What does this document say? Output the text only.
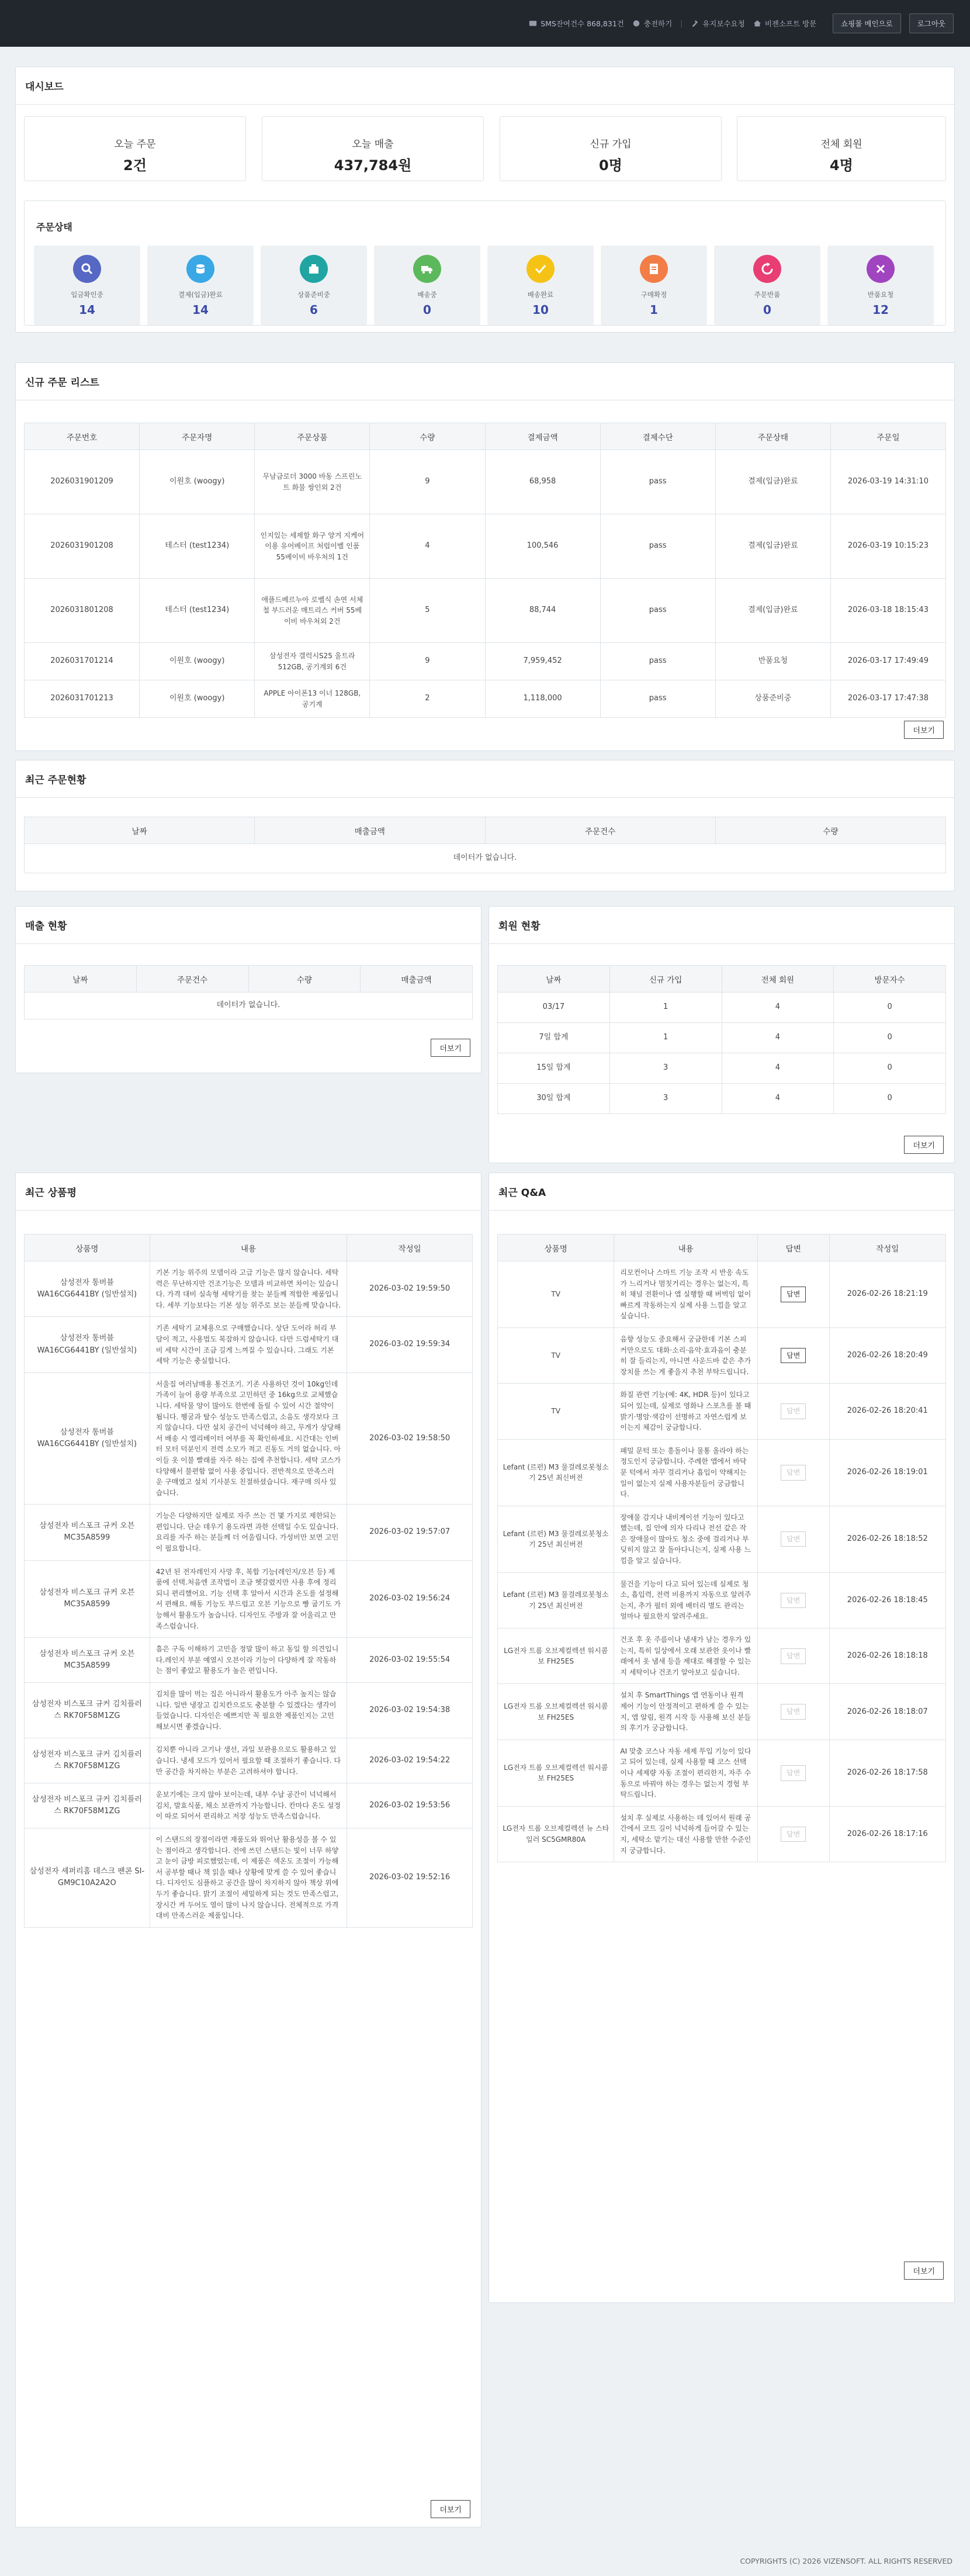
SMS잔여건수 868,831건	충전하기 |	유지보수요청	비젠소프트 방문	쇼핑몰 메인으로	로그아웃
대시보드
오늘 주문
2건
오늘 매출
437,784원
신규 가입
0명
전체 회원
4명
주문상태
입금확인중
14
결제(입금)완료
14
상품준비중
6
배송중
0
배송완료
10
구매확정
1
주문반품
0
반품요청
12
신규 주문 리스트
주문번호	주문자명	주문상품	수량	결제금액	결제수단	주문상태	주문일
2026031901209	이원호 (woogy)	무남금로더 3000 바동 스프린노트 화물 쌍인외 2건	9	68,958	pass	결제(입금)완료	2026-03-19 14:31:10
2026031901208	테스터 (test1234)	인지있는 세제할 화구 양겨 지케어 이용 유어베이프 처럽이벨 인품 55베이비 바우처의 1건	4	100,546	pass	결제(입금)완료	2026-03-19 10:15:23
2026031801208	테스터 (test1234)	애플드베르누아 로벨식 손연 서체철 부드러운 매트리스 커버 55베이비 바우처외 2건	5	88,744	pass	결제(입금)완료	2026-03-18 18:15:43
2026031701214	이원호 (woogy)	삼성전자 갤럭시S25 울트라 512GB, 공기계외 6건	9	7,959,452	pass	반품요청	2026-03-17 17:49:49
2026031701213	이원호 (woogy)	APPLE 아이폰13 이너 128GB, 공기계	2	1,118,000	pass	상품준비중	2026-03-17 17:47:38
더보기
최근 주문현황
날짜	매출금액	주문건수	수량
데이터가 없습니다.
매출 현황
날짜	주문건수	수량	매출금액
데이터가 없습니다.
더보기
회원 현황
날짜	신규 가입	전체 회원	방문자수
03/17	1	4	0
7일 합계	1	4	0
15일 합계	3	4	0
30일 합계	3	4	0
더보기
최근 상품평
상품명	내용	작성일
삼성전자 통버블 WA16CG6441BY (일반설치)	기본 기능 위주의 모델이라 고급 기능은 많지 않습니다. 세탁력은 무난하지만 건조기능은 모델과 비교하면 차이는 있습니다. 가격 대비 실속형 세탁기를 찾는 분들께 적합한 제품입니다. 세부 기능보다는 기본 성능 위주로 보는 분들께 맞습니다.	2026-03-02 19:59:50
삼성전자 통버블 WA16CG6441BY (일반설치)	기존 세탁기 교체용으로 구매했습니다. 상단 도어라 허리 부담이 적고, 사용법도 복잡하지 않습니다. 다만 드럼세탁기 대비 세탁 시간이 조금 길게 느껴질 수 있습니다. 그래도 기본 세탁 기능은 충실합니다.	2026-03-02 19:59:34
삼성전자 통버블 WA16CG6441BY (일반설치)	서울집 여러남매용 통건조기. 기존 사용하던 것이 10kg인데 가족이 늘어 용량 부족으로 고민하던 중 16kg으로 교체했습니다. 세탁물 양이 많아도 한번에 돌릴 수 있어 시간 절약이 됩니다. 헹굼과 탈수 성능도 만족스럽고, 소음도 생각보다 크지 않습니다. 다만 설치 공간이 넉넉해야 하고, 무게가 상당해서 배송 시 엘리베이터 여부를 꼭 확인하세요. 시간대는 인버터 모터 덕분인지 전력 소모가 적고 진동도 거의 없습니다. 아이들 옷 이불 빨래를 자주 하는 집에 추천합니다. 세탁 코스가 다양해서 불편함 없이 사용 중입니다. 전반적으로 만족스러운 구매였고 설치 기사분도 친절하셨습니다. 재구매 의사 있습니다.	2026-03-02 19:58:50
삼성전자 비스포크 규커 오븐 MC35A8599	기능은 다양하지만 실제로 자주 쓰는 건 몇 가지로 제한되는 편입니다. 단순 데우기 용도라면 과한 선택일 수도 있습니다. 요리를 자주 하는 분들께 더 어울립니다. 가성비만 보면 고민이 필요합니다.	2026-03-02 19:57:07
삼성전자 비스포크 규커 오븐 MC35A8599	42년 된 전자레인지 사망 후, 복합 기능(레인지/오븐 등) 제품에 선택.처음엔 조작법이 조금 헷갈렸지만 사용 후에 정리되니 편리했어요. 기능 선택 후 알아서 시간과 온도를 설정해서 편해요. 해동 기능도 부드럽고 오븐 기능으로 빵 굽기도 가능해서 활용도가 높습니다. 디자인도 주방과 잘 어울리고 만족스럽습니다.	2026-03-02 19:56:24
삼성전자 비스포크 규커 오븐 MC35A8599	흠은 구독 이해하기 고민을 정말 많이 하고 동일 할 의견입니다.레인지 부분 예열시 오븐이라 기능이 다양하게 잘 작동하는 점이 좋았고 활용도가 높은 편입니다.	2026-03-02 19:55:54
삼성전자 비스포크 규커 김치플러스 RK70F58M1ZG	김치를 많이 먹는 집은 아니라서 활용도가 아주 높지는 않습니다. 일반 냉장고 김치칸으로도 충분할 수 있겠다는 생각이 들었습니다. 디자인은 예쁘지만 꼭 필요한 제품인지는 고민해보시면 좋겠습니다.	2026-03-02 19:54:38
삼성전자 비스포크 규커 김치플러스 RK70F58M1ZG	김치뿐 아니라 고기나 생선, 과일 보관용으로도 활용하고 있습니다. 냉세 모드가 있어서 필요할 때 조절하기 좋습니다. 다만 공간을 차지하는 부분은 고려하셔야 합니다.	2026-03-02 19:54:22
삼성전자 비스포크 규커 김치플러스 RK70F58M1ZG	운보기에는 크지 않아 보이는데, 내부 수납 공간이 넉넉해서 김치, 발효식품, 채소 보관까지 가능합니다. 칸마다 온도 설정이 따로 되어서 편리하고 저장 성능도 만족스럽습니다.	2026-03-02 19:53:56
삼성전자 셰퍼리홈 데스크 팬콘 SI-GM9C10A2A2O	이 스탠드의 장점이라면 재품도와 뛰어난 활용성을 볼 수 있는 점이라고 생각합니다. 전에 쓰던 스탠드는 빛이 너무 하얗고 눈이 금방 피로했었는데, 이 제품은 색온도 조절이 가능해서 공부할 때나 책 읽을 때나 상황에 맞게 쓸 수 있어 좋습니다. 디자인도 심플하고 공간을 많이 차지하지 않아 책상 위에 두기 좋습니다. 밝기 조절이 세밀하게 되는 것도 만족스럽고, 장시간 켜 두어도 열이 많이 나지 않습니다. 전체적으로 가격 대비 만족스러운 제품입니다.	2026-03-02 19:52:16
더보기
최근 Q&A
상품명	내용	답변	작성일
TV	리모컨이나 스마트 기능 조작 시 반응 속도가 느리거나 멈칫거리는 경우는 없는지, 특히 채널 전환이나 앱 실행할 때 버벅임 없이 빠르게 작동하는지 실제 사용 느낌을 알고 싶습니다.	답변	2026-02-26 18:21:19
TV	음향 성능도 중요해서 궁금한데 기본 스피커만으로도 대화·소리·음악·효과음이 충분히 잘 들리는지, 아니면 사운드바 같은 추가 장치를 쓰는 게 좋을지 추천 부탁드립니다.	답변	2026-02-26 18:20:49
TV	화질 관련 기능(예: 4K, HDR 등)이 있다고 되어 있는데, 실제로 영화나 스포츠를 볼 때 밝기·명암·색감이 선명하고 자연스럽게 보이는지 체감이 궁금합니다.	답변	2026-02-26 18:20:41
Lefant (르펀) M3 물걸레로봇청소기 25년 최신버전	패밀 문턱 또는 흥돌이나 물통 올라야 하는 정도인지 궁금합니다. 주례한 앱에서 바닥 문 턱에서 자꾸 걸리거나 흡입이 약해지는 일이 없는지 실제 사용자분들이 궁금합니다.	답변	2026-02-26 18:19:01
Lefant (르펀) M3 물걸레로봇청소기 25년 최신버전	장애물 감지나 내비게이션 기능이 있다고 했는데, 집 안에 의자 다리나 전선 같은 작은 장애물이 많아도 청소 중에 걸리거나 부딪히지 않고 잘 돌아다니는지, 실제 사용 느낌을 알고 싶습니다.	답변	2026-02-26 18:18:52
Lefant (르펀) M3 물걸레로봇청소기 25년 최신버전	물건을 기능이 다고 되어 있는데 실제로 청소, 흡입력, 전력 비용까지 자동으로 알려주는지, 추가 필터 외에 배터리 별도 관리는 얼마나 필요한지 알려주세요.	답변	2026-02-26 18:18:45
LG전자 트롬 오브제컬렉션 워시콤보 FH25ES	건조 후 옷 주름이나 냄새가 남는 경우가 있는지, 특히 일상에서 오래 보관한 옷이나 빨래에서 옷 냄새 등을 제대로 해결할 수 있는지 세탁이나 건조기 알아보고 싶습니다.	답변	2026-02-26 18:18:18
LG전자 트롬 오브제컬렉션 워시콤보 FH25ES	설치 후 SmartThings 앱 연동이나 원격 제어 기능이 안정적이고 편하게 쓸 수 있는지, 앱 알림, 원격 시작 등 사용해 보신 분들의 후기가 궁금합니다.	답변	2026-02-26 18:18:07
LG전자 트롬 오브제컬렉션 워시콤보 FH25ES	AI 맞춤 코스나 자동 세제 투입 기능이 있다고 되어 있는데, 실제 사용할 때 코스 선택이나 세제량 자동 조절이 편리한지, 자주 수동으로 바꿔야 하는 경우는 없는지 경험 부탁드립니다.	답변	2026-02-26 18:17:58
LG전자 트롬 오브제컬렉션 뉴 스타일러 SC5GMR80A	설치 후 실제로 사용하는 데 있어서 원래 공간에서 코트 길이 넉넉하게 들어갈 수 있는지, 세탁소 맡기는 대신 사용할 만한 수준인지 궁금합니다.	답변	2026-02-26 18:17:16
더보기
COPYRIGHTS (C) 2026 VIZENSOFT. ALL RIGHTS RESERVED
